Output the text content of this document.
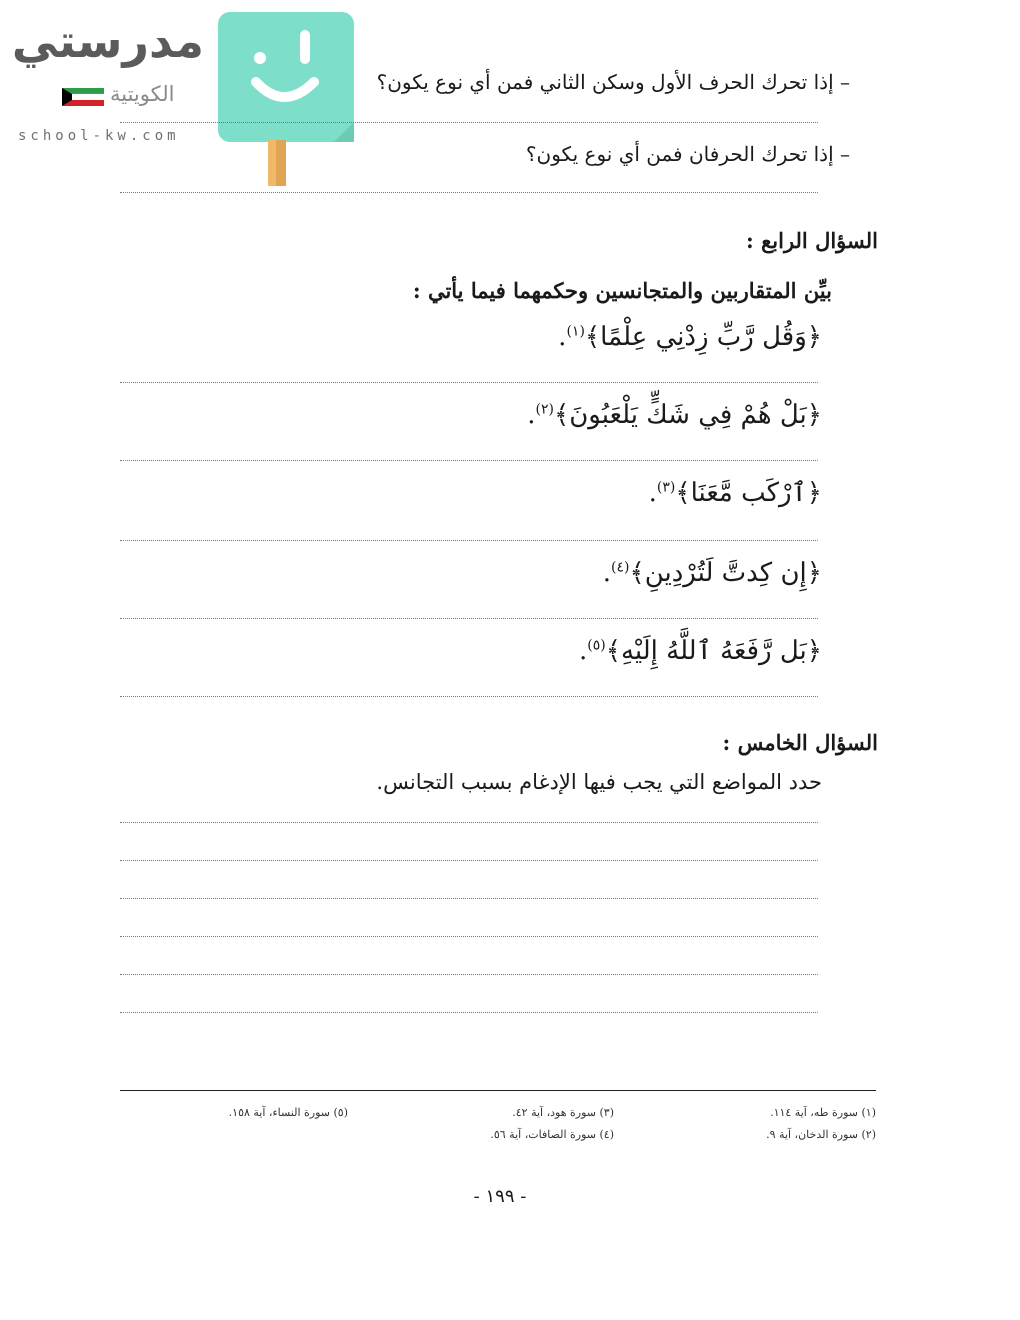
مدرستي
الكويتية
school-kw.com
– إذا تحرك الحرف الأول وسكن الثاني فمن أي نوع يكون؟
– إذا تحرك الحرفان فمن أي نوع يكون؟
السؤال الرابع :
بيِّن المتقاربين والمتجانسين وحكمهما فيما يأتي :
﴿وَقُل رَّبِّ زِدْنِي عِلْمًا﴾$^{(١)}$.
﴿بَلْ هُمْ فِي شَكٍّ يَلْعَبُونَ﴾$^{(٢)}$.
﴿ٱرْكَب مَّعَنَا﴾$^{(٣)}$.
﴿إِن كِدتَّ لَتُرْدِينِ﴾$^{(٤)}$.
﴿بَل رَّفَعَهُ ٱللَّهُ إِلَيْهِ﴾$^{(٥)}$.
السؤال الخامس :
حدد المواضع التي يجب فيها الإدغام بسبب التجانس.
(١) سورة طه، آية ١١٤.
(٢) سورة الدخان، آية ٩.
(٣) سورة هود، آية ٤٢.
(٤) سورة الصافات، آية ٥٦.
(٥) سورة النساء، آية ١٥٨.
- ١٩٩ -
